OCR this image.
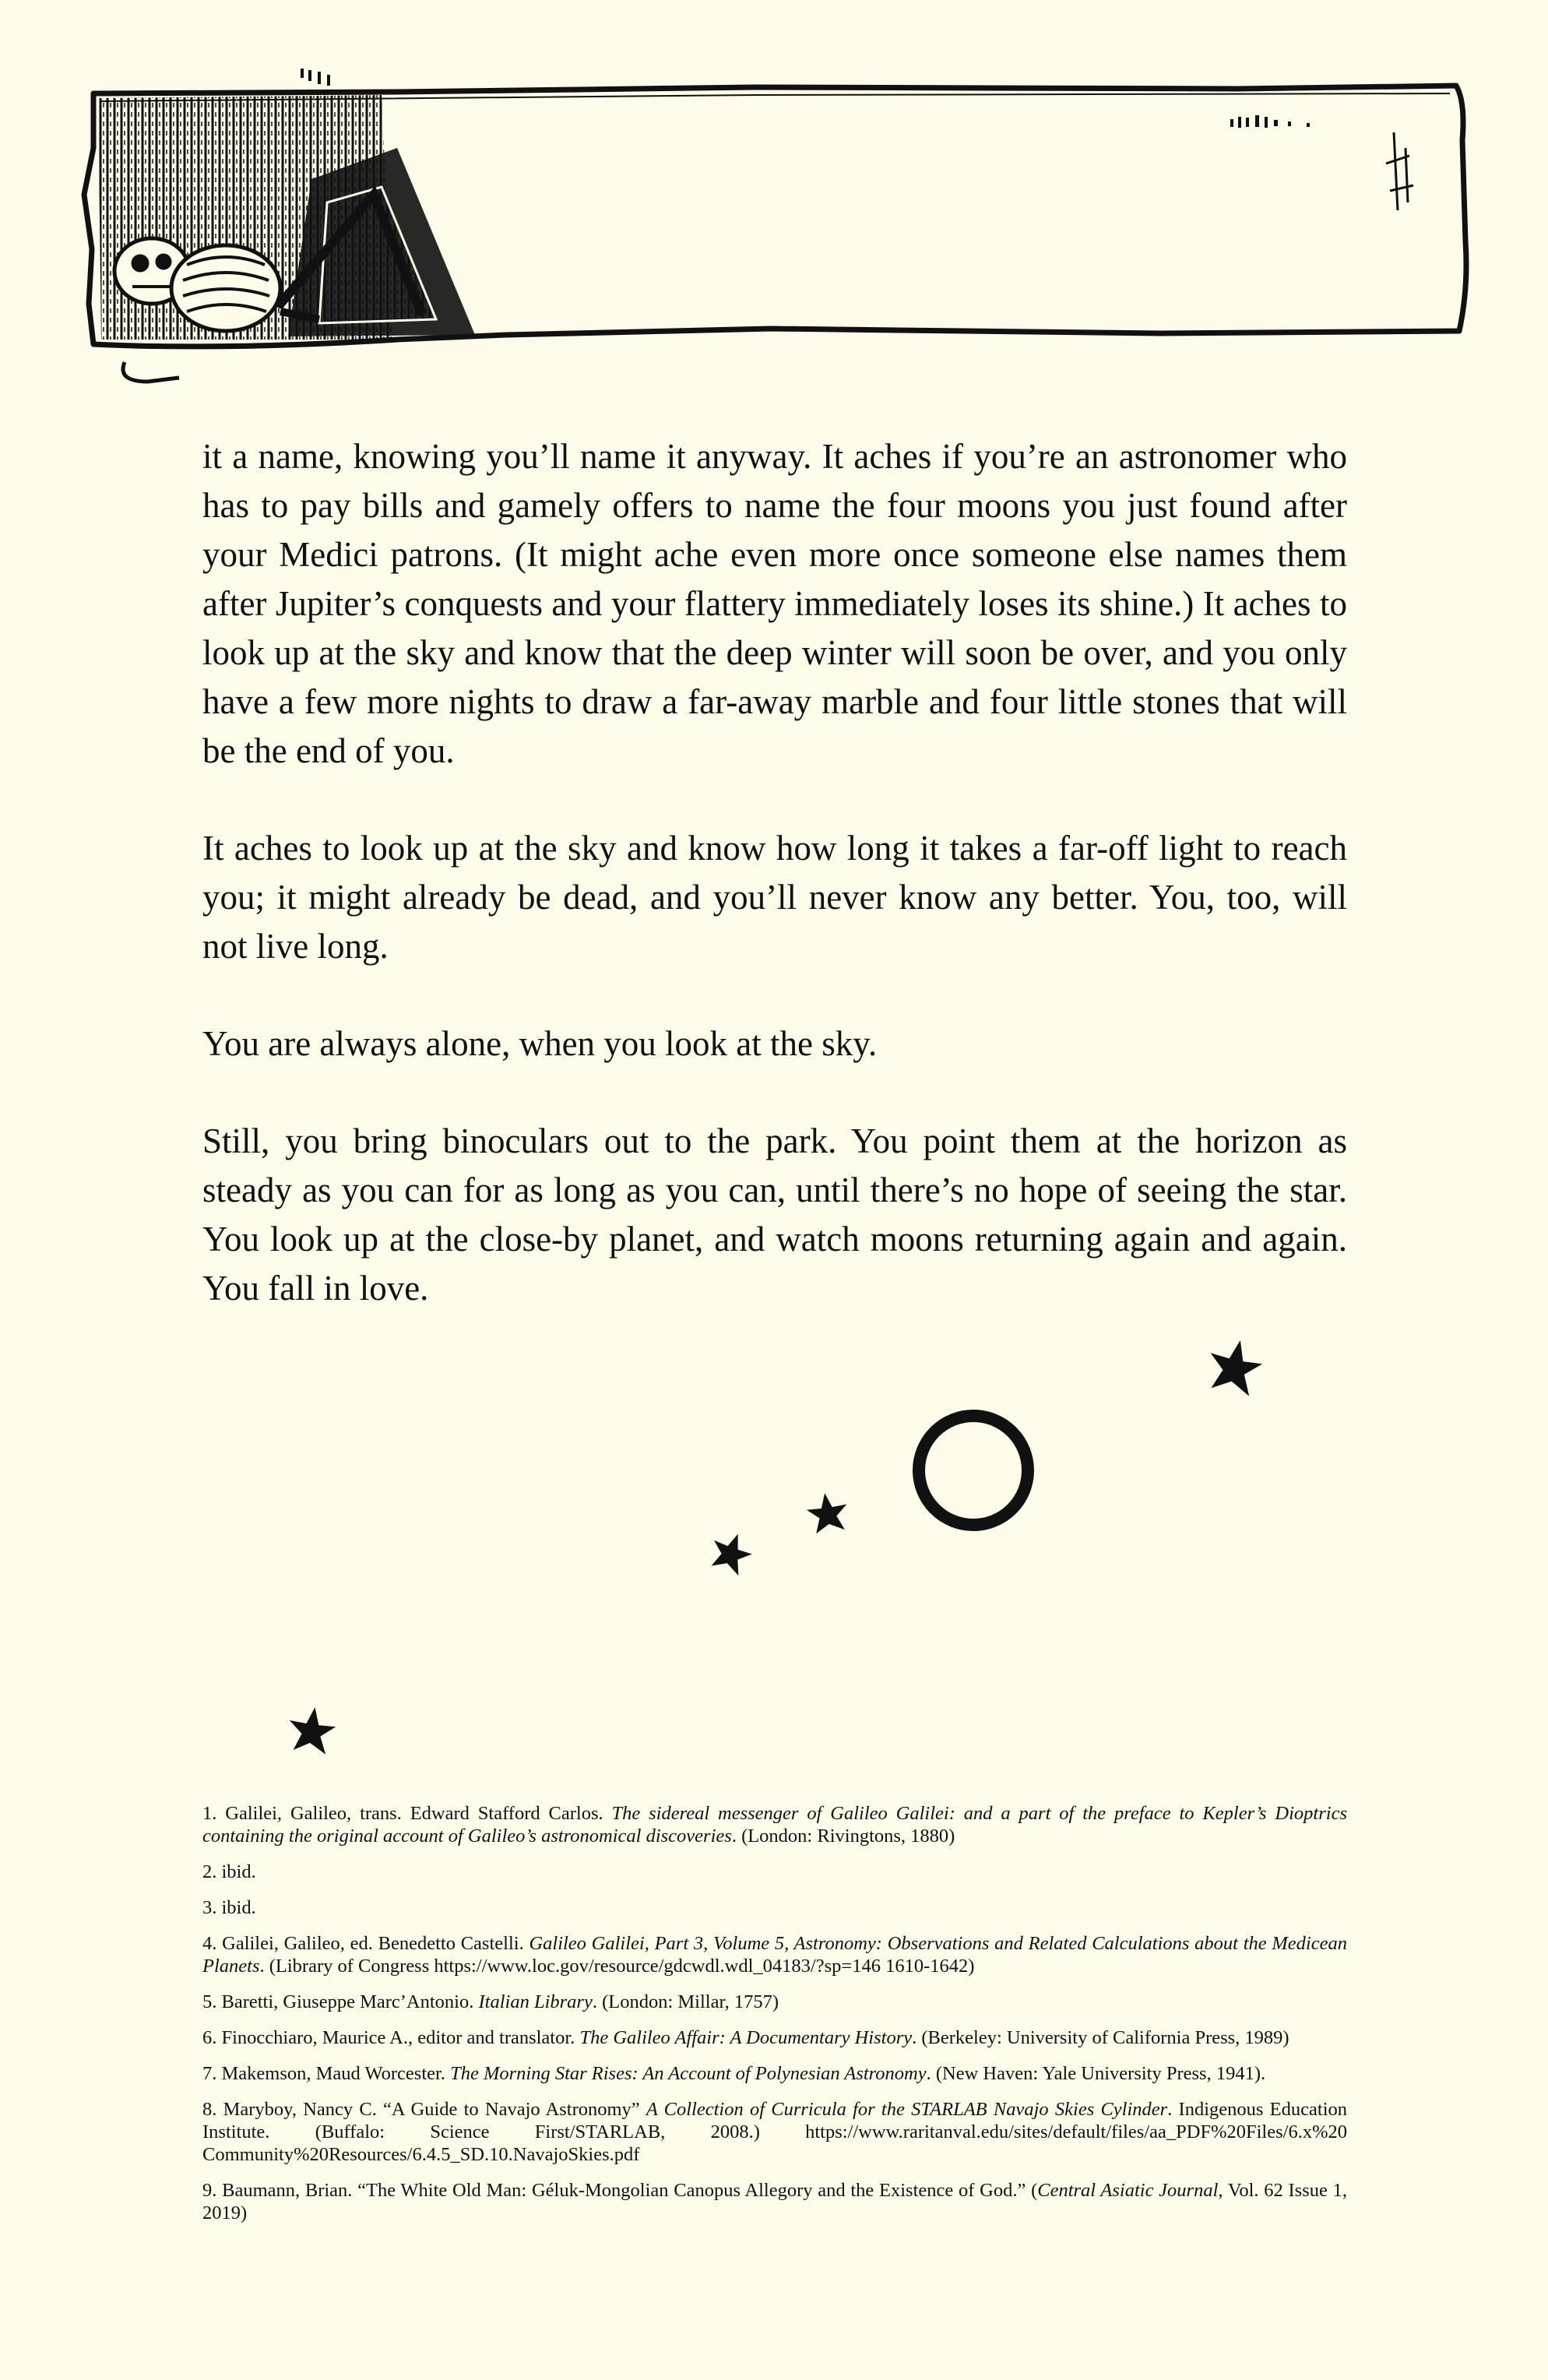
it a name, knowing you’ll name it anyway. It aches if you’re an astronomer who has to pay bills and gamely offers to name the four moons you just found after your Medici patrons. (It might ache even more once someone else names them after Jupiter’s conquests and your flattery immediately loses its shine.) It aches to look up at the sky and know that the deep winter will soon be over, and you only have a few more nights to draw a far-away marble and four little stones that will be the end of you.

It aches to look up at the sky and know how long it takes a far-off light to reach you; it might already be dead, and you’ll never know any better. You, too, will not live long.

You are always alone, when you look at the sky.

Still, you bring binoculars out to the park. You point them at the horizon as steady as you can for as long as you can, until there’s no hope of seeing the star. You look up at the close-by planet, and watch moons returning again and again. You fall in love.

1. Galilei, Galileo, trans. Edward Stafford Carlos. The sidereal messenger of Galileo Galilei: and a part of the preface to Kepler’s Dioptrics containing the original account of Galileo’s astronomical discoveries. (London: Rivingtons, 1880)

2. ibid.

3. ibid.

4. Galilei, Galileo, ed. Benedetto Castelli. Galileo Galilei, Part 3, Volume 5, Astronomy: Observations and Related Calculations about the Medicean Planets. (Library of Congress https://www.loc.gov/resource/gdcwdl.wdl_04183/?sp=146 1610-1642)

5. Baretti, Giuseppe Marc’Antonio. Italian Library. (London: Millar, 1757)

6. Finocchiaro, Maurice A., editor and translator. The Galileo Affair: A Documentary History. (Berkeley: University of California Press, 1989)

7. Makemson, Maud Worcester. The Morning Star Rises: An Account of Polynesian Astronomy. (New Haven: Yale University Press, 1941).

8. Maryboy, Nancy C. “A Guide to Navajo Astronomy” A Collection of Curricula for the STARLAB Navajo Skies Cylinder. Indigenous Education Institute. (Buffalo: Science First/STARLAB, 2008.) https://www.raritanval.edu/sites/default/files/aa_PDF%20Files/6.x%20 Community%20Resources/6.4.5_SD.10.NavajoSkies.pdf

9. Baumann, Brian. “The White Old Man: Géluk-Mongolian Canopus Allegory and the Existence of God.” (Central Asiatic Journal, Vol. 62 Issue 1, 2019)
